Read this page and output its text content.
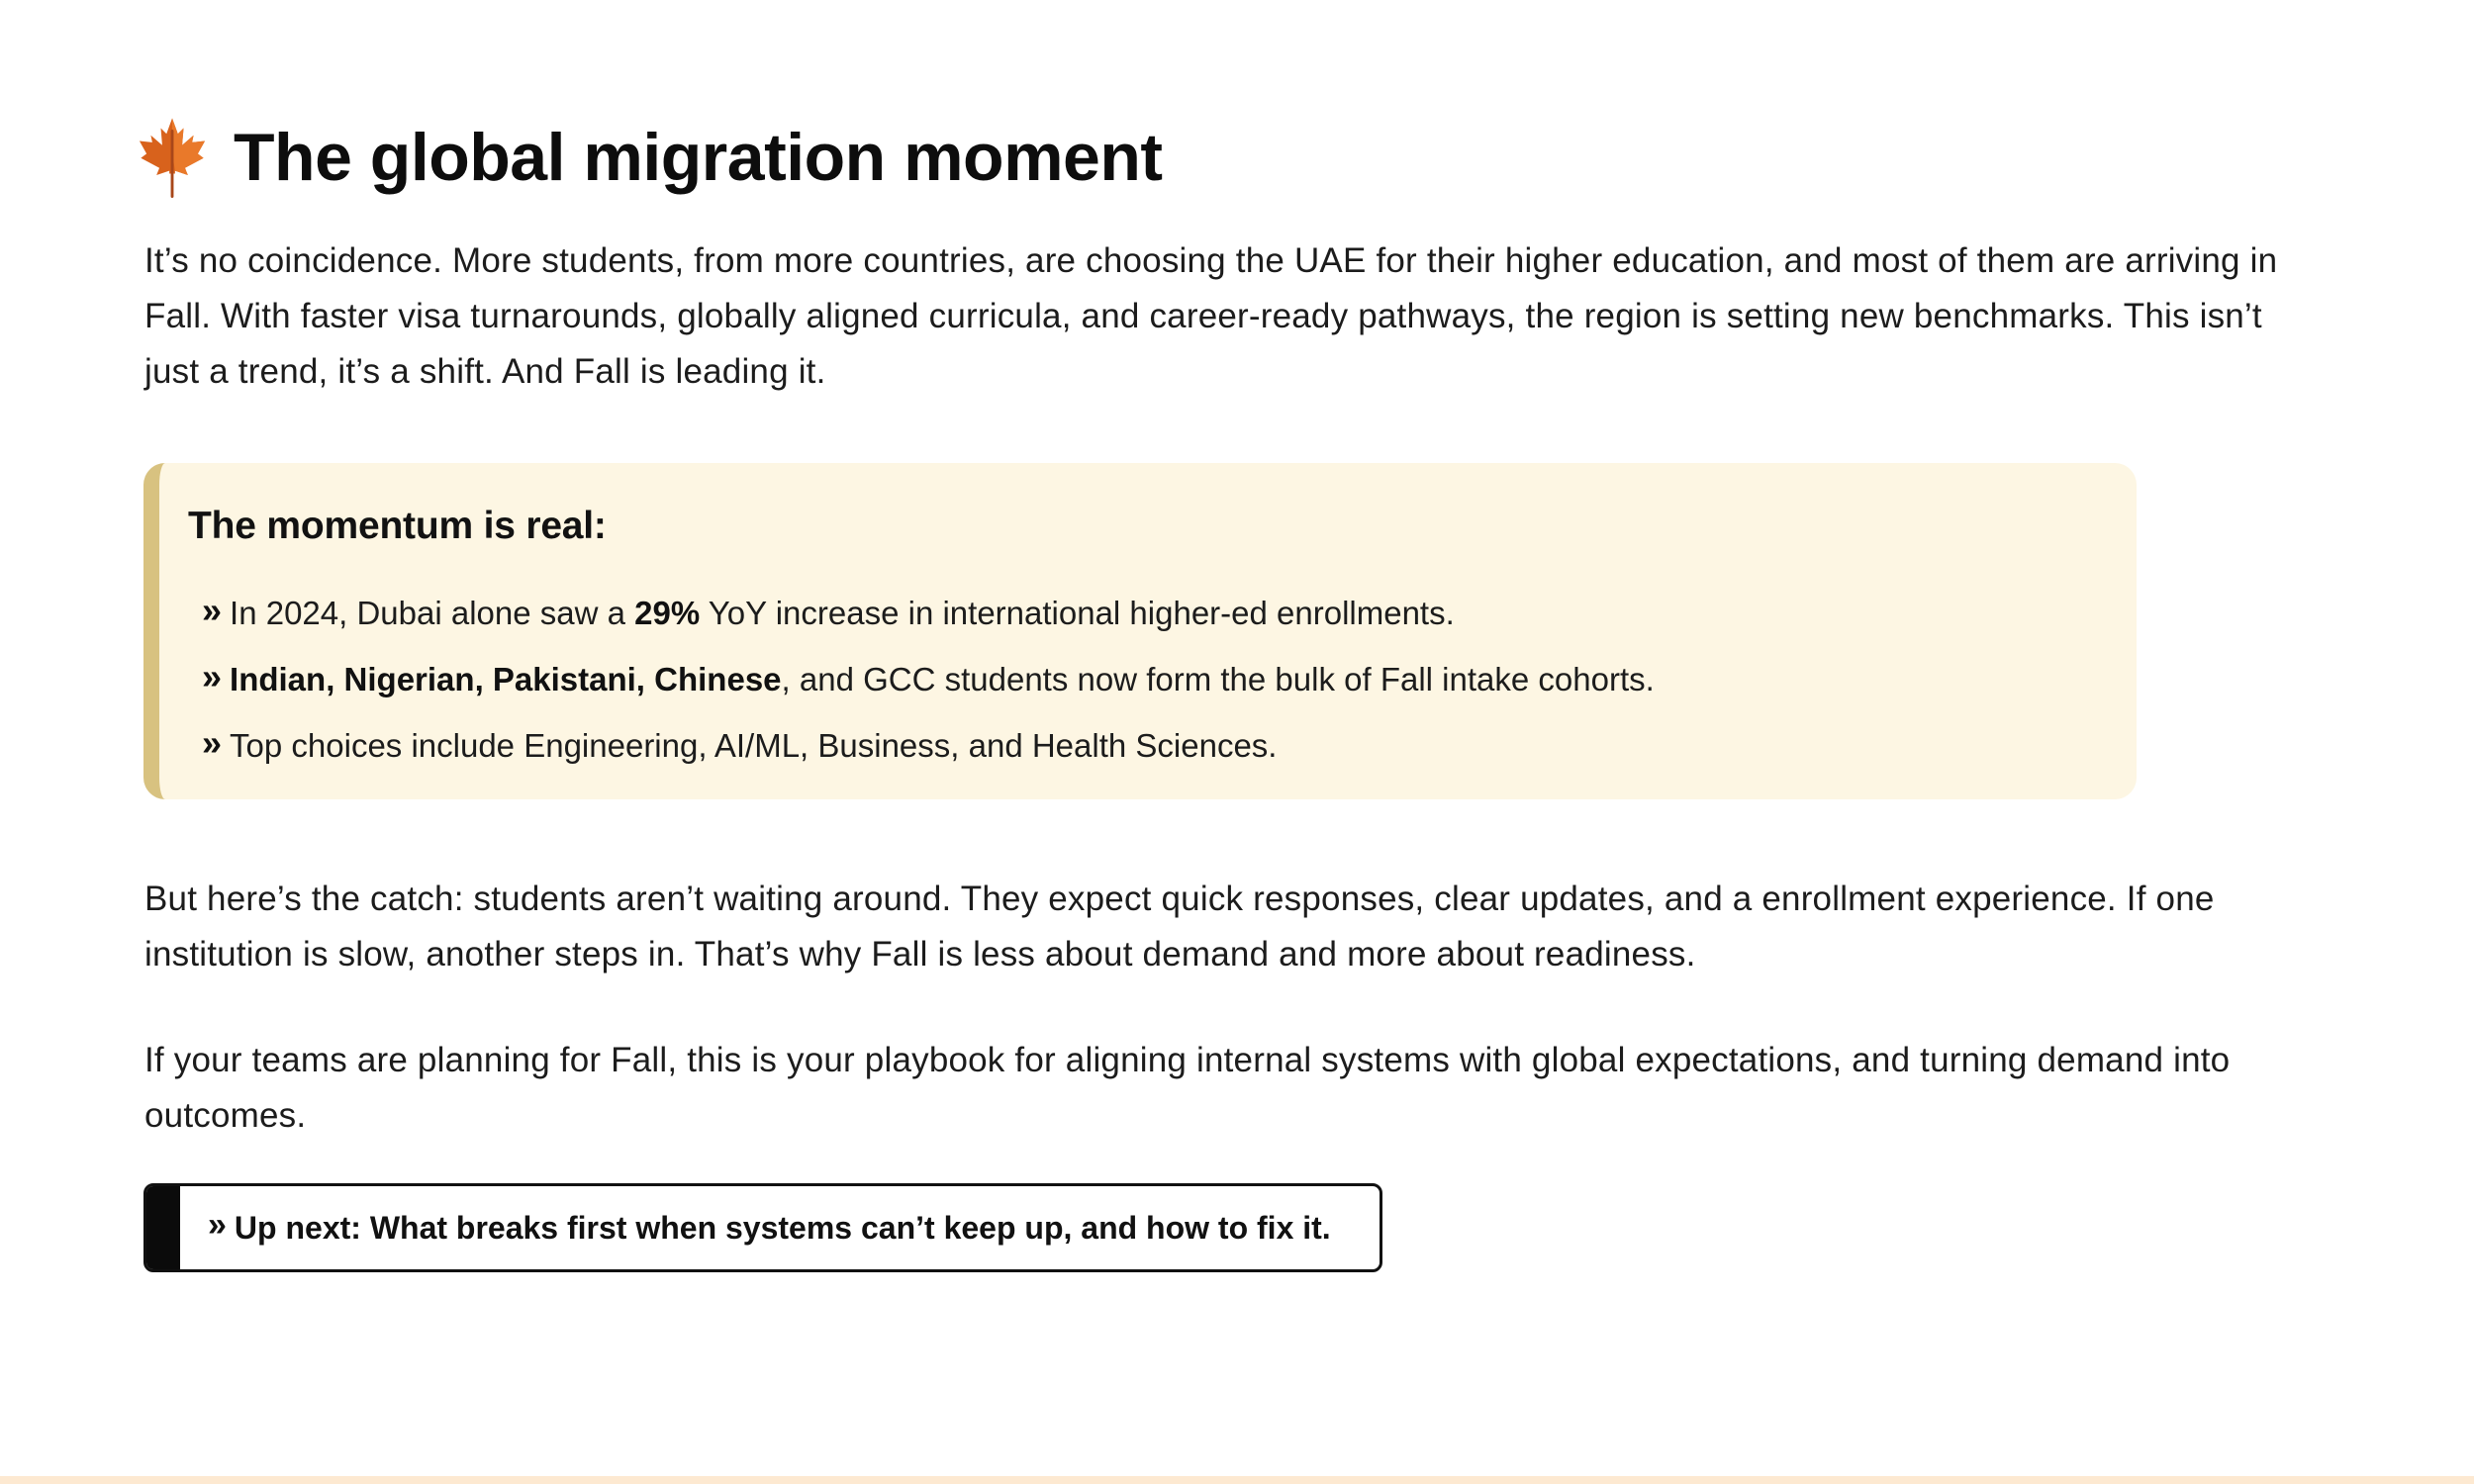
The global migration moment

It’s no coincidence. More students, from more countries, are choosing the UAE for their higher education, and most of them are arriving in Fall. With faster visa turnarounds, globally aligned curricula, and career-ready pathways, the region is setting new benchmarks. This isn’t just a trend, it’s a shift. And Fall is leading it.

The momentum is real:
» In 2024, Dubai alone saw a 29% YoY increase in international higher-ed enrollments.
» Indian, Nigerian, Pakistani, Chinese , and GCC students now form the bulk of Fall intake cohorts.
» Top choices include Engineering, AI/ML, Business, and Health Sciences.

But here’s the catch: students aren’t waiting around. They expect quick responses, clear updates, and a enrollment experience. If one institution is slow, another steps in. That’s why Fall is less about demand and more about readiness.

If your teams are planning for Fall, this is your playbook for aligning internal systems with global expectations, and turning demand into outcomes.

» Up next: What breaks first when systems can’t keep up, and how to fix it.
